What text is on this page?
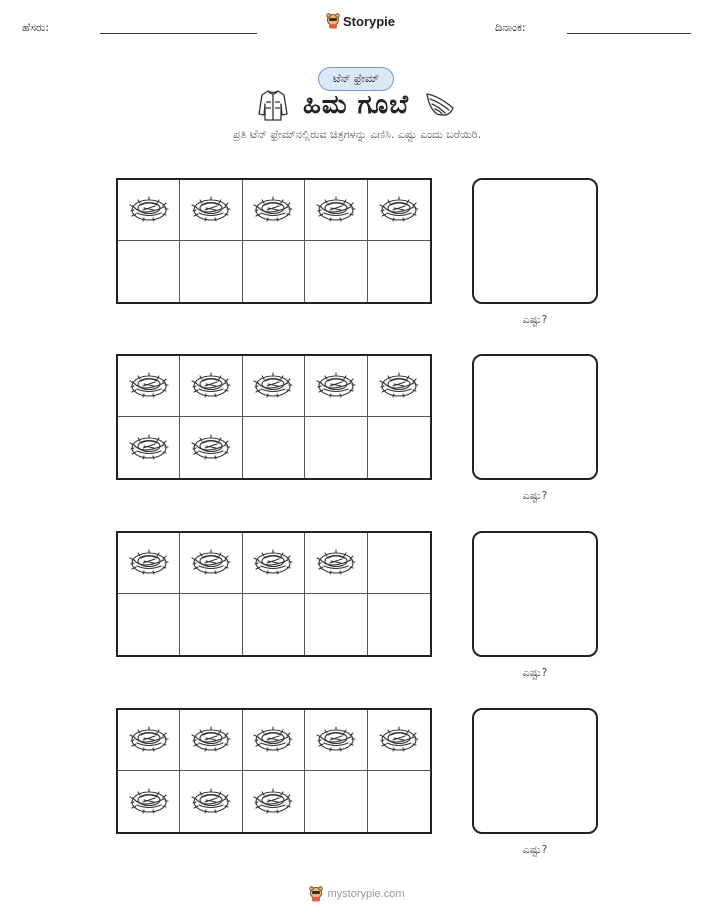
ಹೆಸರು:	Storypie	ದಿನಾಂಕ:
ಟೆನ್ ಫ್ರೇಮ್
ಹಿಮ ಗೂಬೆ
ಪ್ರತಿ ಟೆನ್ ಫ್ರೇಮ್‌ನಲ್ಲಿರುವ ಚಿತ್ರಗಳನ್ನು ಎಣಿಸಿ. ಎಷ್ಟು ಎಂದು ಬರೆಯಿರಿ.
ಎಷ್ಟು?
ಎಷ್ಟು?
ಎಷ್ಟು?
ಎಷ್ಟು?
mystorypie.com
